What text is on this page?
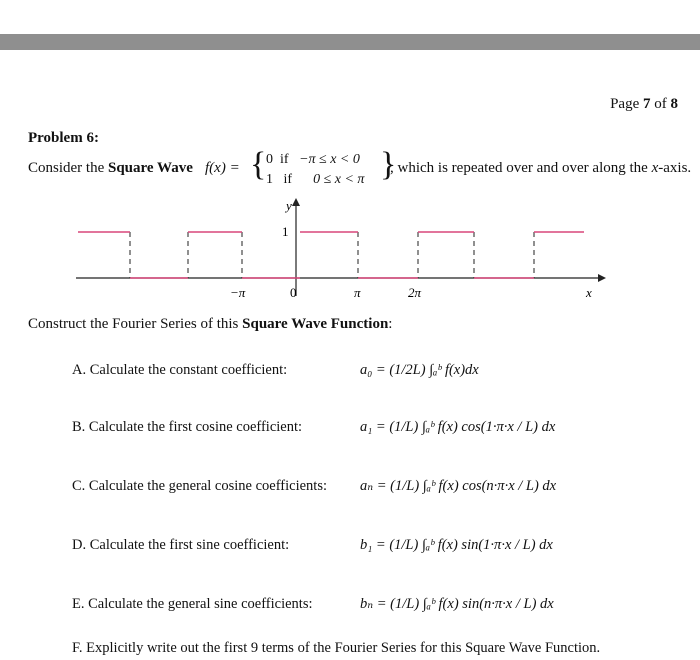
Page 7 of 8
Problem 6:
Consider the Square Wave f(x) = { 0 if −π ≤ x < 0
1 if 0 ≤ x < π }
, which is repeated over and over along the x-axis.
y
1
−π	0	π	2π	x
Construct the Fourier Series of this Square Wave Function:
A. Calculate the constant coefficient:	a₀ = (1/2L) ∫ₐᵇ f(x)dx
B. Calculate the first cosine coefficient:	a₁ = (1/L) ∫ₐᵇ f(x) cos(1·π·x / L) dx
C. Calculate the general cosine coefficients: aₙ = (1/L) ∫ₐᵇ f(x) cos(n·π·x / L) dx
D. Calculate the first sine coefficient:	b₁ = (1/L) ∫ₐᵇ f(x) sin(1·π·x / L) dx
E. Calculate the general sine coefficients:	bₙ = (1/L) ∫ₐᵇ f(x) sin(n·π·x / L) dx
F. Explicitly write out the first 9 terms of the Fourier Series for this Square Wave Function.
